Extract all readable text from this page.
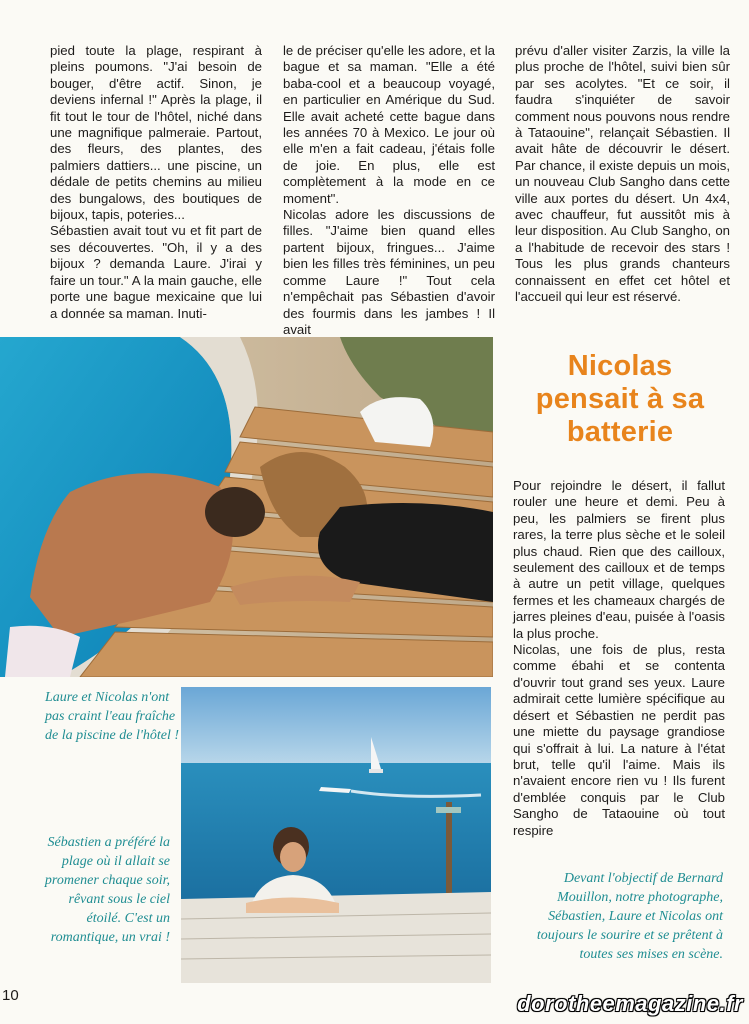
pied toute la plage, respirant à pleins poumons. "J'ai besoin de bouger, d'être actif. Sinon, je deviens infernal !" Après la plage, il fit tout le tour de l'hôtel, niché dans une magnifique palmeraie. Partout, des fleurs, des plantes, des palmiers dattiers... une piscine, un dédale de petits chemins au milieu des bungalows, des boutiques de bijoux, tapis, poteries...

Sébastien avait tout vu et fit part de ses découvertes. "Oh, il y a des bijoux ? demanda Laure. J'irai y faire un tour." A la main gauche, elle porte une bague mexicaine que lui a donnée sa maman. Inuti-

le de préciser qu'elle les adore, et la bague et sa maman. "Elle a été baba-cool et a beaucoup voyagé, en particulier en Amérique du Sud. Elle avait acheté cette bague dans les années 70 à Mexico. Le jour où elle m'en a fait cadeau, j'étais folle de joie. En plus, elle est complètement à la mode en ce moment".

Nicolas adore les discussions de filles. "J'aime bien quand elles partent bijoux, fringues... J'aime bien les filles très féminines, un peu comme Laure !" Tout cela n'empêchait pas Sébastien d'avoir des fourmis dans les jambes ! Il avait

prévu d'aller visiter Zarzis, la ville la plus proche de l'hôtel, suivi bien sûr par ses acolytes. "Et ce soir, il faudra s'inquiéter de savoir comment nous pouvons nous rendre à Tataouine", relançait Sébastien. Il avait hâte de découvrir le désert. Par chance, il existe depuis un mois, un nouveau Club Sangho dans cette ville aux portes du désert. Un 4x4, avec chauffeur, fut aussitôt mis à leur disposition. Au Club Sangho, on a l'habitude de recevoir des stars ! Tous les plus grands chanteurs connaissent en effet cet hôtel et l'accueil qui leur est réservé.

Nicolas pensait à sa batterie

Pour rejoindre le désert, il fallut rouler une heure et demi. Peu à peu, les palmiers se firent plus rares, la terre plus sèche et le soleil plus chaud. Rien que des cailloux, seulement des cailloux et de temps à autre un petit village, quelques fermes et les chameaux chargés de jarres pleines d'eau, puisée à l'oasis la plus proche.

Nicolas, une fois de plus, resta comme ébahi et se contenta d'ouvrir tout grand ses yeux. Laure admirait cette lumière spécifique au désert et Sébastien ne perdit pas une miette du paysage grandiose qui s'offrait à lui. La nature à l'état brut, telle qu'il l'aime. Mais ils n'avaient encore rien vu ! Ils furent d'emblée conquis par le Club Sangho de Tataouine où tout respire

Laure et Nicolas n'ont pas craint l'eau fraîche de la piscine de l'hôtel !
Sébastien a préféré la plage où il allait se promener chaque soir, rêvant sous le ciel étoilé. C'est un romantique, un vrai !
Devant l'objectif de Bernard Mouillon, notre photographe, Sébastien, Laure et Nicolas ont toujours le sourire et se prêtent à toutes ses mises en scène.
10	dorotheemagazine.fr
